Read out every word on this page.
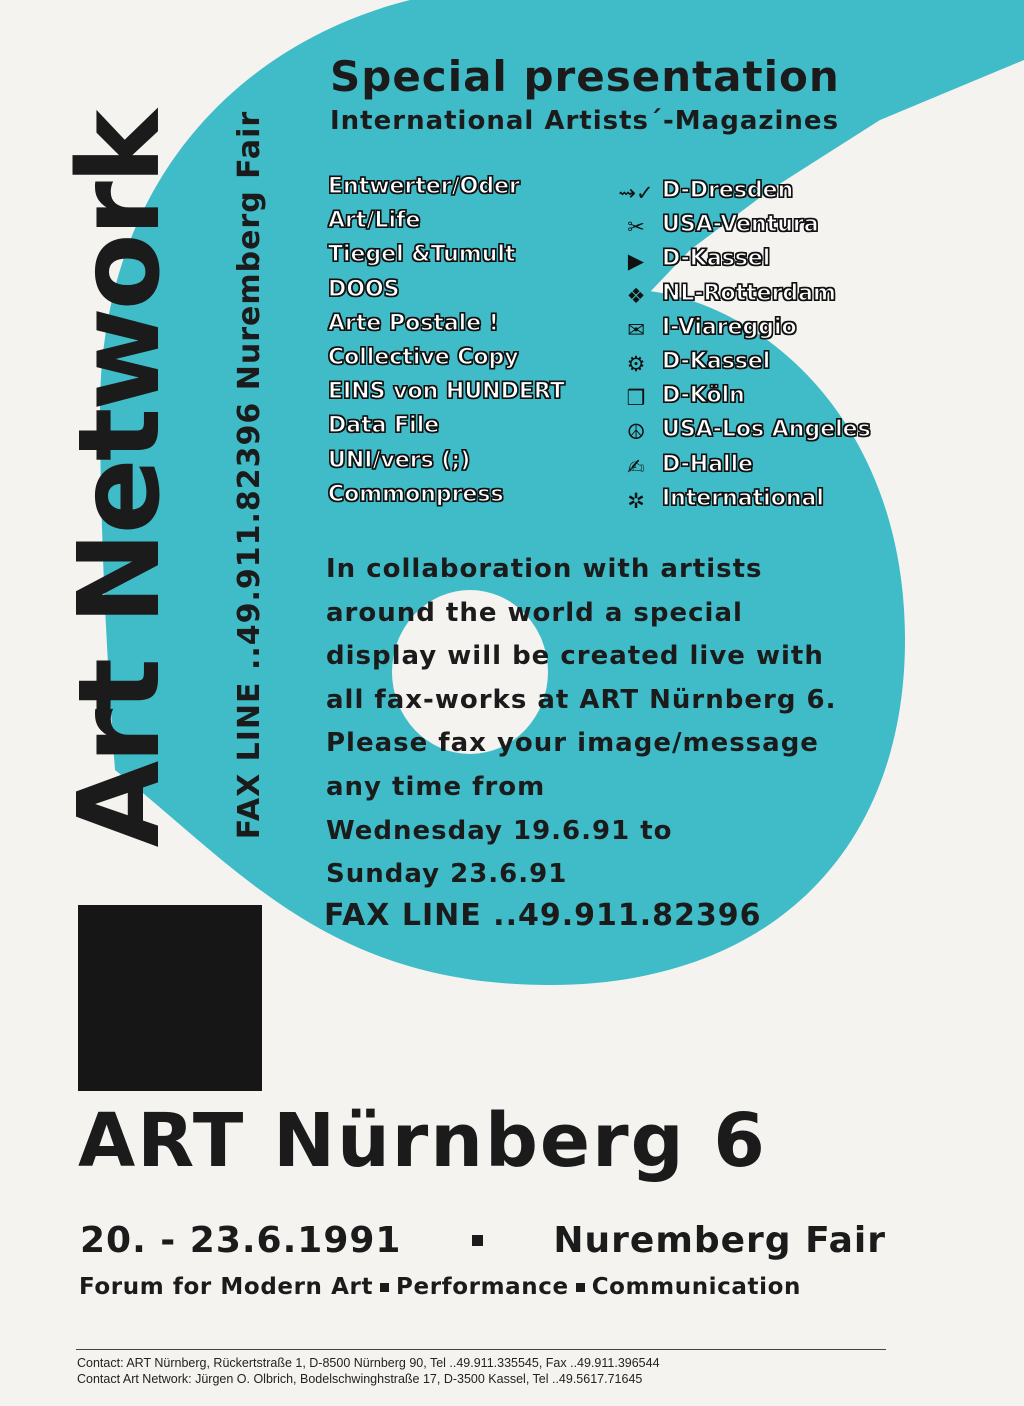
Art Network FAX LINE ..49.911.82396 Nuremberg Fair
Special presentation
International Artists´-Magazines
Entwerter/Oder
Art/Life
Tiegel &Tumult
DOOS
Arte Postale !
Collective Copy
EINS von HUNDERT
Data File
UNI/vers (;)
Commonpress
⇝✓ D-Dresden
✂ USA-Ventura
▶ D-Kassel
❖ NL-Rotterdam
✉ I-Viareggio
⚙ D-Kassel
❒ D-Köln
☮ USA-Los Angeles
✍ D-Halle
✲ International
In collaboration with artists
around the world a special
display will be created live with
all fax-works at ART Nürnberg 6.
Please fax your image/message
any time from
Wednesday 19.6.91 to
Sunday 23.6.91
FAX LINE ..49.911.82396
ART Nürnberg 6
20. - 23.6.1991	Nuremberg Fair
Forum for Modern Art Performance Communication
Contact: ART Nürnberg, Rückertstraße 1, D-8500 Nürnberg 90, Tel ..49.911.335545, Fax ..49.911.396544
Contact Art Network: Jürgen O. Olbrich, Bodelschwinghstraße 17, D-3500 Kassel, Tel ..49.5617.71645
